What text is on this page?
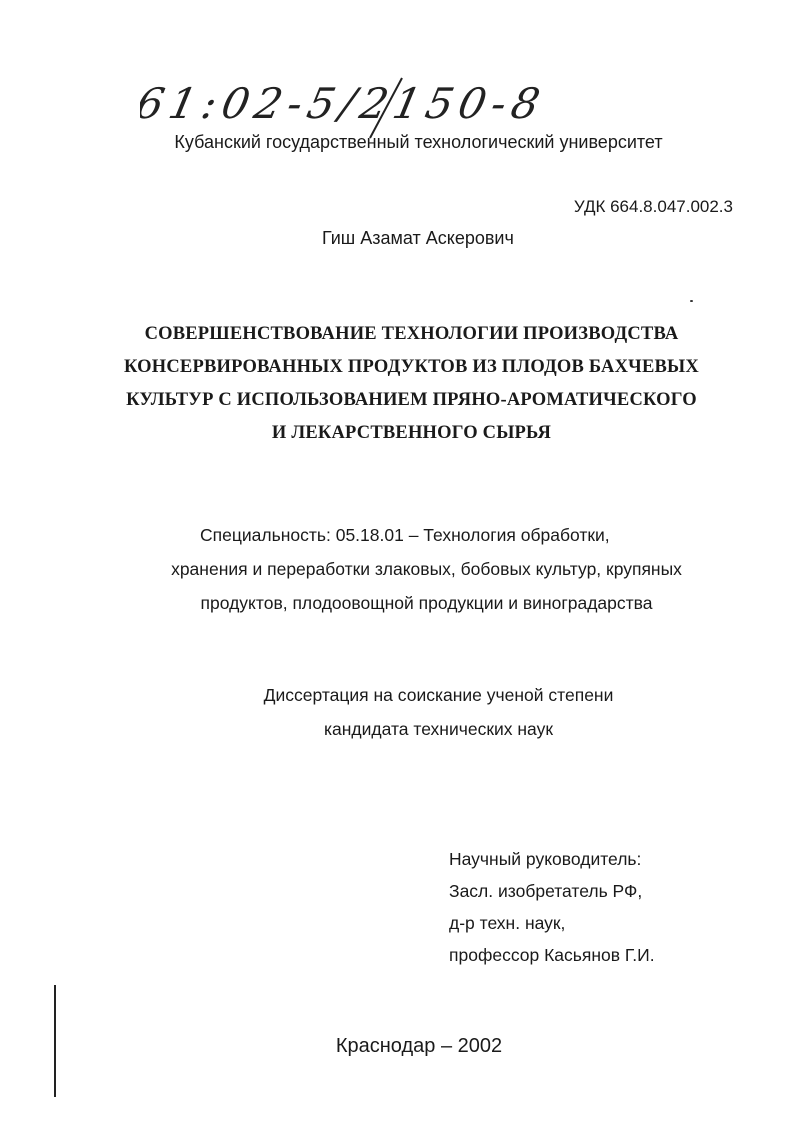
61:02-5/2150-8
Кубанский государственный технологический университет
УДК 664.8.047.002.3
Гиш Азамат Аскерович
СОВЕРШЕНСТВОВАНИЕ ТЕХНОЛОГИИ ПРОИЗВОДСТВА
КОНСЕРВИРОВАННЫХ ПРОДУКТОВ ИЗ ПЛОДОВ БАХЧЕВЫХ
КУЛЬТУР С ИСПОЛЬЗОВАНИЕМ ПРЯНО-АРОМАТИЧЕСКОГО
И ЛЕКАРСТВЕННОГО СЫРЬЯ
Специальность: 05.18.01 – Технология обработки,
хранения и переработки злаковых, бобовых культур, крупяных
продуктов, плодоовощной продукции и виноградарства
Диссертация на соискание ученой степени
кандидата технических наук
Научный руководитель:
Засл. изобретатель РФ,
д-р техн. наук,
профессор Касьянов Г.И.
Краснодар – 2002
